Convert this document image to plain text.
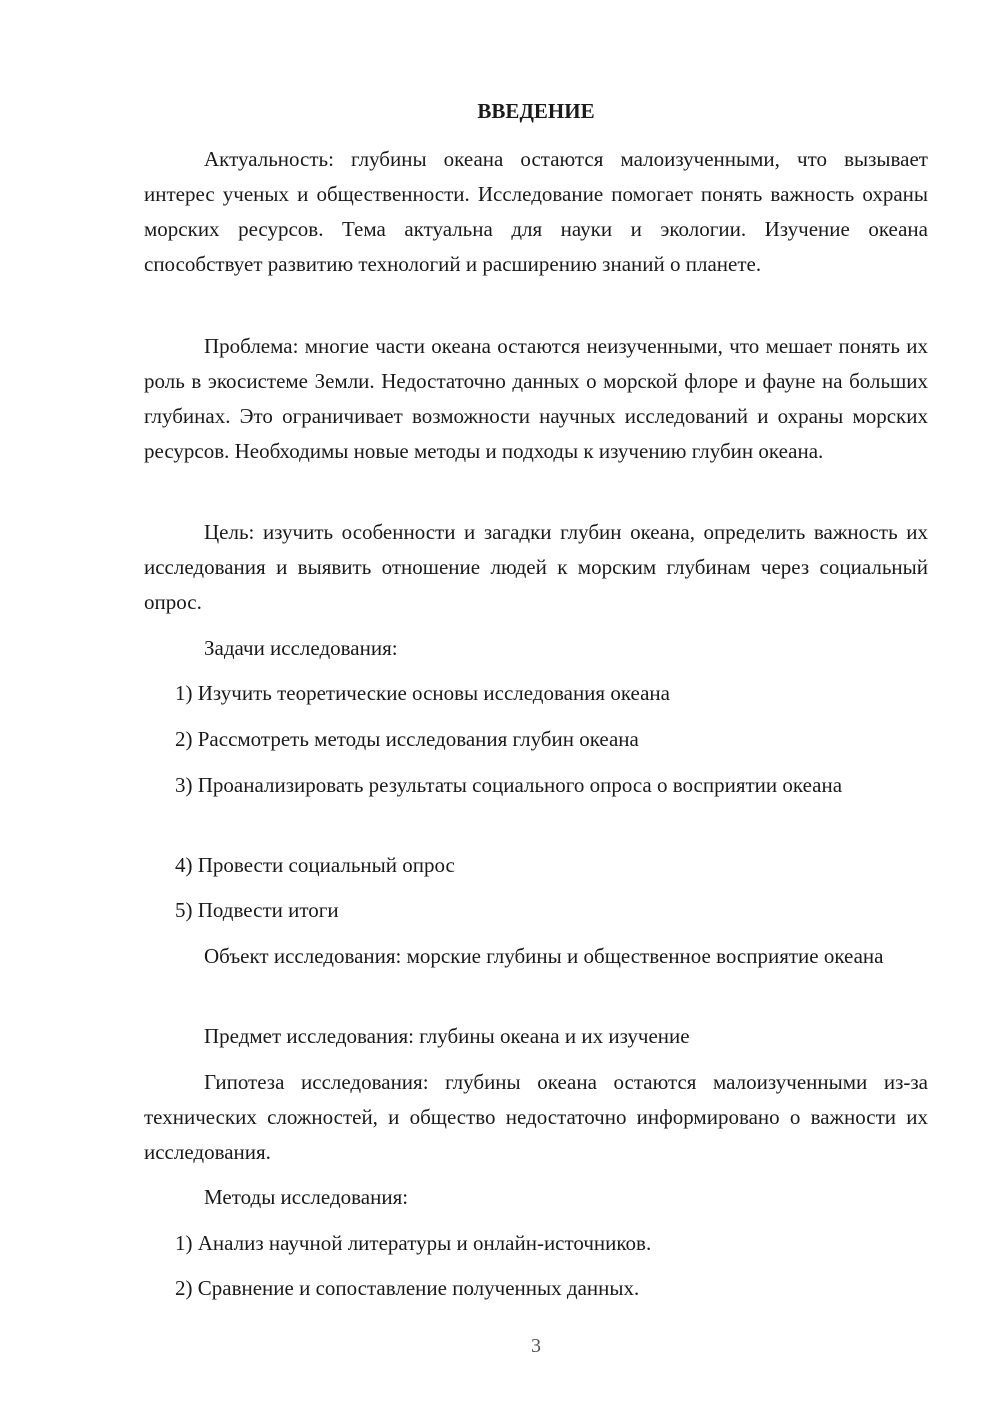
ВВЕДЕНИЕ

Актуальность: глубины океана остаются малоизученными, что вызывает интерес ученых и общественности. Исследование помогает понять важность охраны морских ресурсов. Тема актуальна для науки и экологии. Изучение океана способствует развитию технологий и расширению знаний о планете.

Проблема: многие части океана остаются неизученными, что мешает понять их роль в экосистеме Земли. Недостаточно данных о морской флоре и фауне на больших глубинах. Это ограничивает возможности научных исследований и охраны морских ресурсов. Необходимы новые методы и подходы к изучению глубин океана.

Цель: изучить особенности и загадки глубин океана, определить важность их исследования и выявить отношение людей к морским глубинам через социальный опрос.

Задачи исследования:

1) Изучить теоретические основы исследования океана

2) Рассмотреть методы исследования глубин океана

3) Проанализировать результаты социального опроса о восприятии океана

4) Провести социальный опрос

5) Подвести итоги

Объект исследования: морские глубины и общественное восприятие океана

Предмет исследования: глубины океана и их изучение

Гипотеза исследования: глубины океана остаются малоизученными из-за технических сложностей, и общество недостаточно информировано о важности их исследования.

Методы исследования:

1) Анализ научной литературы и онлайн-источников.

2) Сравнение и сопоставление полученных данных.

3
